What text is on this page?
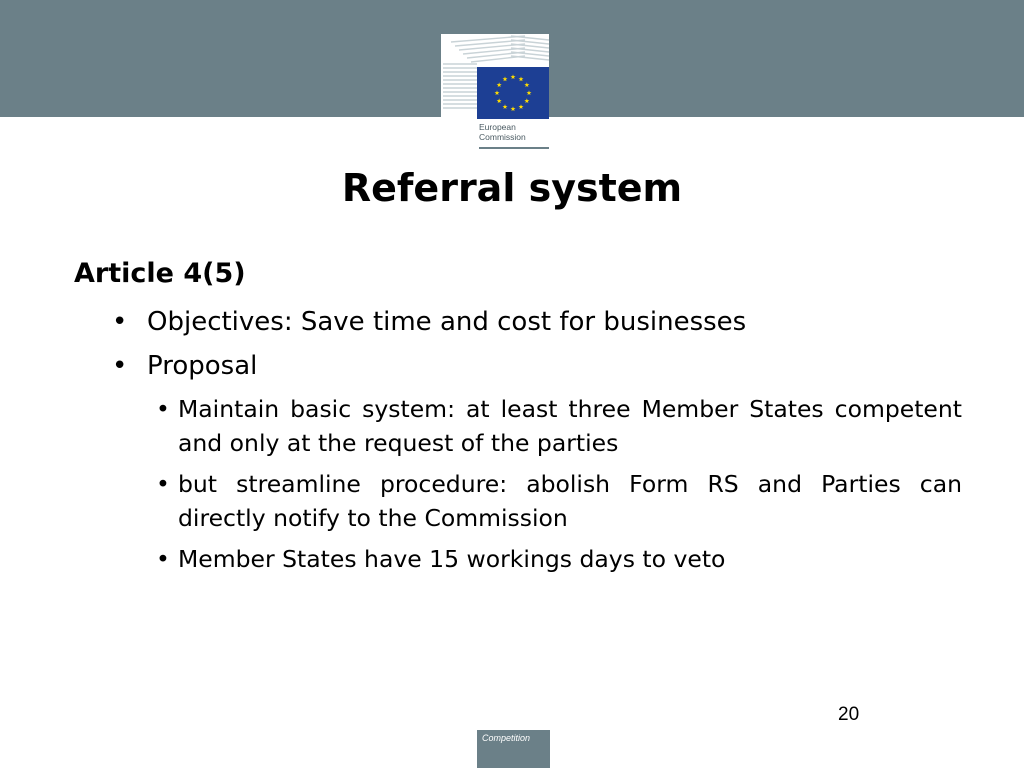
European
Commission
Referral system
Article 4(5)
• Objectives: Save time and cost for businesses
• Proposal
• Maintain basic system: at least three Member States competent and only at the request of the parties
• but streamline procedure: abolish Form RS and Parties can directly notify to the Commission
• Member States have 15 workings days to veto
20
Competition
